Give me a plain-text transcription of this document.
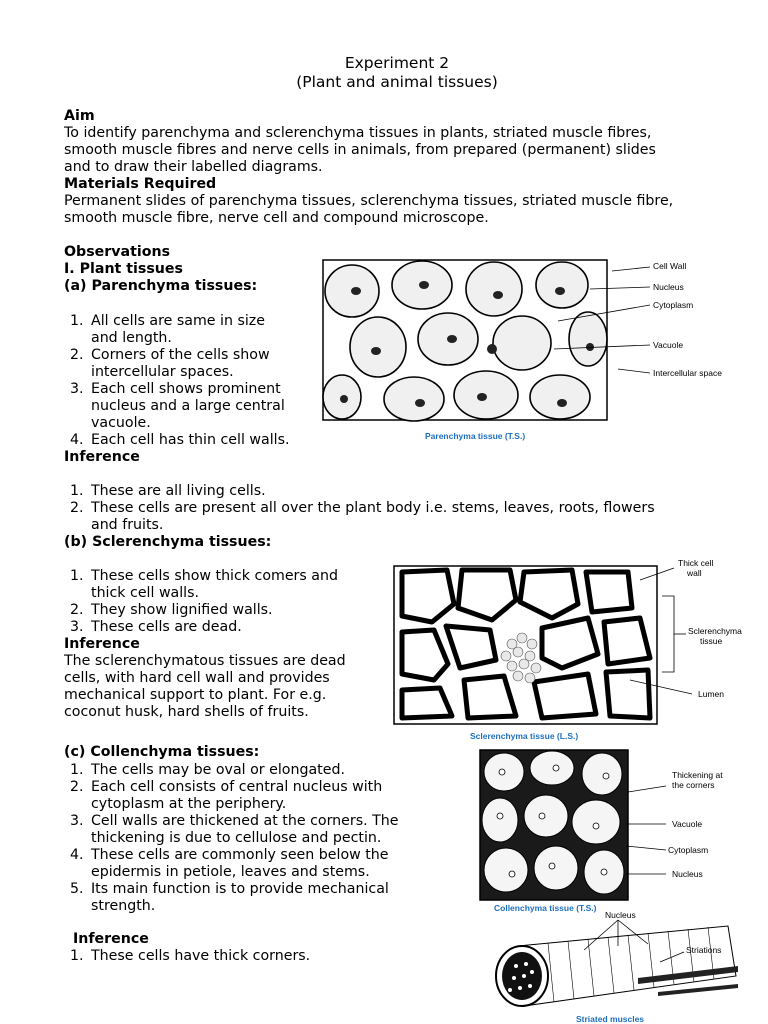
Experiment 2
(Plant and animal tissues)
Aim
To identify parenchyma and sclerenchyma tissues in plants, striated muscle fibres,
smooth muscle fibres and nerve cells in animals, from prepared (permanent) slides
and to draw their labelled diagrams.
Materials Required
Permanent slides of parenchyma tissues, sclerenchyma tissues, striated muscle fibre,
smooth muscle fibre, nerve cell and compound microscope.
Observations
I. Plant tissues
(a) Parenchyma tissues:
1. All cells are same in size
and length.
2. Corners of the cells show
intercellular spaces.
3. Each cell shows prominent
nucleus and a large central
vacuole.
4. Each cell has thin cell walls.
Inference
1. These are all living cells.
2. These cells are present all over the plant body i.e. stems, leaves, roots, flowers
and fruits.
Cell Wall
Nucleus
Cytoplasm
Vacuole
Intercellular space
Parenchyma tissue (T.S.)
(b) Sclerenchyma tissues:
1. These cells show thick comers and
thick cell walls.
2. They show lignified walls.
3. These cells are dead.
Inference
The sclerenchymatous tissues are dead
cells, with hard cell wall and provides
mechanical support to plant. For e.g.
coconut husk, hard shells of fruits.
Thick cell
wall
Sclerenchyma
tissue
Lumen
Sclerenchyma tissue (L.S.)
(c) Collenchyma tissues:
1. The cells may be oval or elongated.
2. Each cell consists of central nucleus with
cytoplasm at the periphery.
3. Cell walls are thickened at the corners. The
thickening is due to cellulose and pectin.
4. These cells are commonly seen below the
epidermis in petiole, leaves and stems.
5. Its main function is to provide mechanical
strength.
Inference
1. These cells have thick corners.
Thickening at
the corners
Vacuole
Cytoplasm
Nucleus
Collenchyma tissue (T.S.)
Nucleus
Striations
Striated muscles
